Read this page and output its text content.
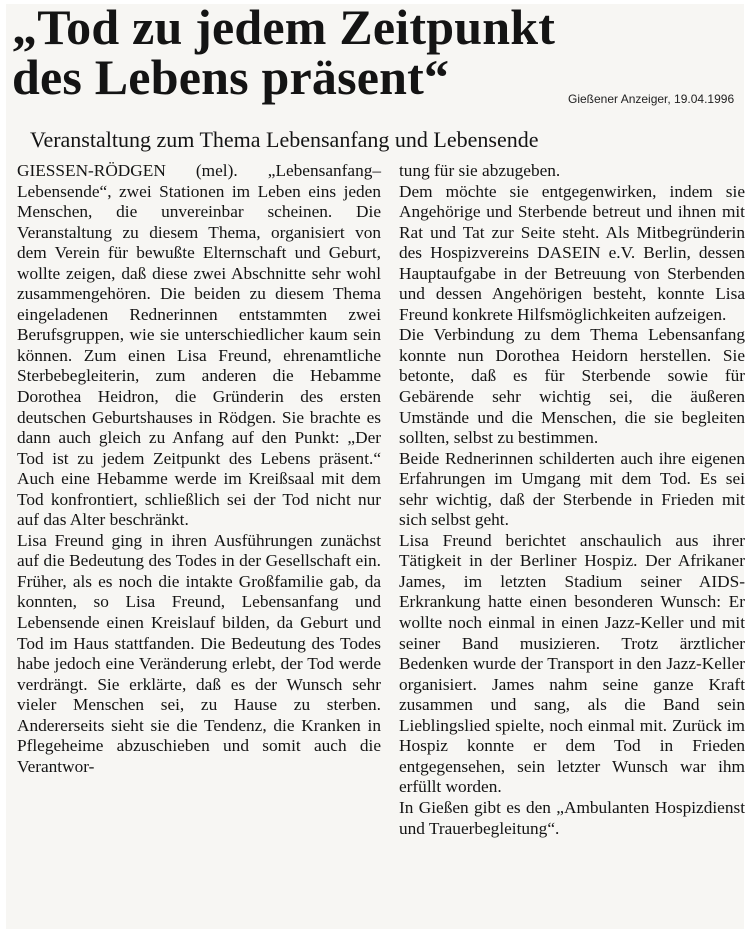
„Tod zu jedem Zeitpunkt
des Lebens präsent“	Gießener Anzeiger, 19.04.1996
Veranstaltung zum Thema Lebensanfang und Lebensende

GIESSEN-RÖDGEN (mel). „Lebensanfang–Lebensende“, zwei Stationen im Leben eins jeden Menschen, die unvereinbar scheinen. Die Veranstaltung zu diesem Thema, organisiert von dem Verein für bewußte Elternschaft und Geburt, wollte zeigen, daß diese zwei Abschnitte sehr wohl zusammengehören. Die beiden zu diesem Thema eingeladenen Rednerinnen entstammten zwei Berufsgruppen, wie sie unterschiedlicher kaum sein können. Zum einen Lisa Freund, ehrenamtliche Sterbebegleiterin, zum anderen die Hebamme Dorothea Heidron, die Gründerin des ersten deutschen Geburtshauses in Rödgen. Sie brachte es dann auch gleich zu Anfang auf den Punkt: „Der Tod ist zu jedem Zeitpunkt des Lebens präsent.“ Auch eine Hebamme werde im Kreißsaal mit dem Tod konfrontiert, schließlich sei der Tod nicht nur auf das Alter beschränkt.

Lisa Freund ging in ihren Ausführungen zunächst auf die Bedeutung des Todes in der Gesellschaft ein. Früher, als es noch die intakte Großfamilie gab, da konnten, so Lisa Freund, Lebensanfang und Lebensende einen Kreislauf bilden, da Geburt und Tod im Haus stattfanden. Die Bedeutung des Todes habe jedoch eine Veränderung erlebt, der Tod werde verdrängt. Sie erklärte, daß es der Wunsch sehr vieler Menschen sei, zu Hause zu sterben. Andererseits sieht sie die Tendenz, die Kranken in Pflegeheime abzuschieben und somit auch die Verantwor-

tung für sie abzugeben.

Dem möchte sie entgegenwirken, indem sie Angehörige und Sterbende betreut und ihnen mit Rat und Tat zur Seite steht. Als Mitbegründerin des Hospizvereins DASEIN e.V. Berlin, dessen Hauptaufgabe in der Betreuung von Sterbenden und dessen Angehörigen besteht, konnte Lisa Freund konkrete Hilfsmöglichkeiten aufzeigen.

Die Verbindung zu dem Thema Lebensanfang konnte nun Dorothea Heidorn herstellen. Sie betonte, daß es für Sterbende sowie für Gebärende sehr wichtig sei, die äußeren Umstände und die Menschen, die sie begleiten sollten, selbst zu bestimmen.

Beide Rednerinnen schilderten auch ihre eigenen Erfahrungen im Umgang mit dem Tod. Es sei sehr wichtig, daß der Sterbende in Frieden mit sich selbst geht.

Lisa Freund berichtet anschaulich aus ihrer Tätigkeit in der Berliner Hospiz. Der Afrikaner James, im letzten Stadium seiner AIDS-Erkrankung hatte einen besonderen Wunsch: Er wollte noch einmal in einen Jazz-Keller und mit seiner Band musizieren. Trotz ärztlicher Bedenken wurde der Transport in den Jazz-Keller organisiert. James nahm seine ganze Kraft zusammen und sang, als die Band sein Lieblingslied spielte, noch einmal mit. Zurück im Hospiz konnte er dem Tod in Frieden entgegensehen, sein letzter Wunsch war ihm erfüllt worden.

In Gießen gibt es den „Ambulanten Hospizdienst und Trauerbegleitung“.
